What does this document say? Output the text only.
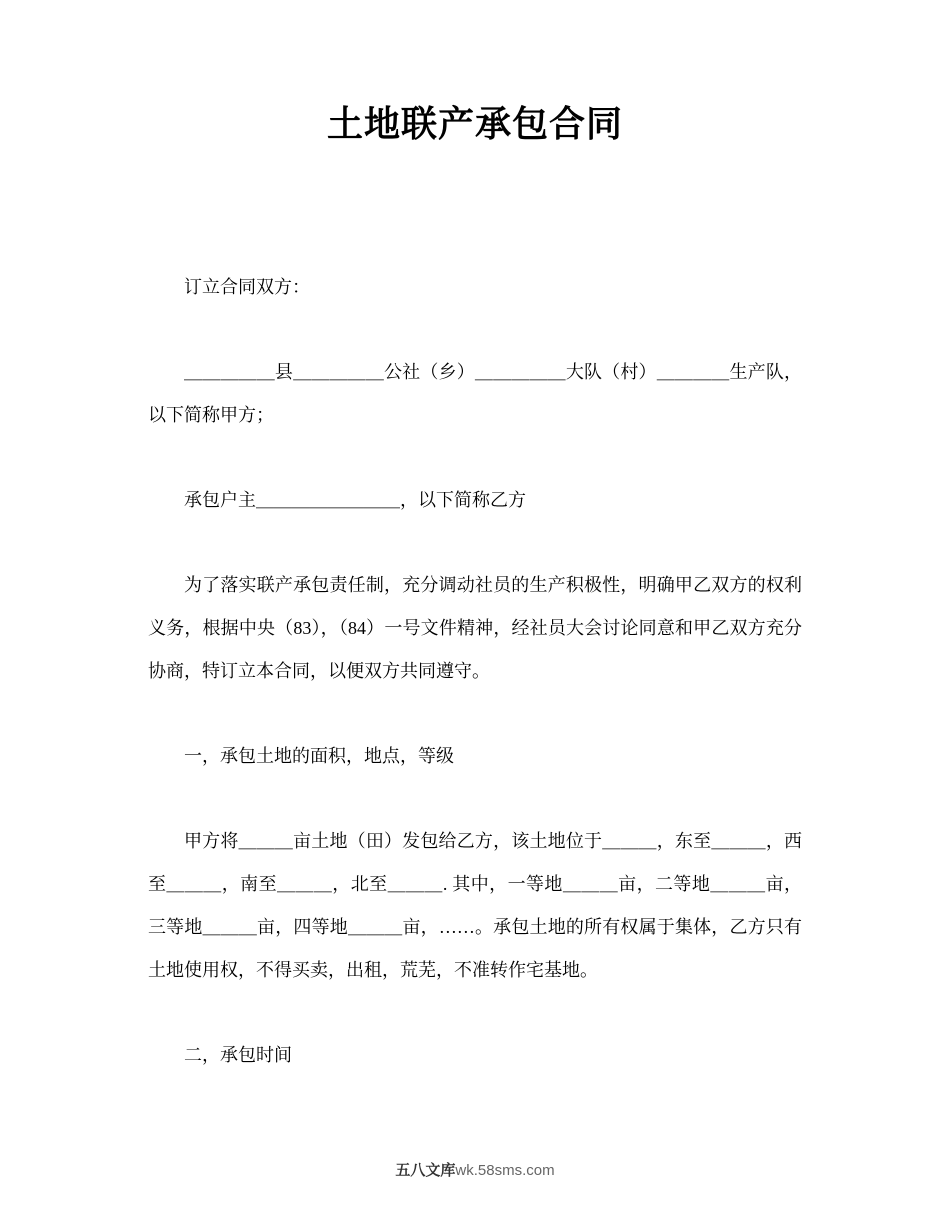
土地联产承包合同

订立合同双方：

＿＿＿＿＿县＿＿＿＿＿公社（乡）＿＿＿＿＿大队（村）＿＿＿＿生产队，以下简称甲方；

承包户主＿＿＿＿＿＿＿＿，以下简称乙方

为了落实联产承包责任制，充分调动社员的生产积极性，明确甲乙双方的权利义务，根据中央（83），（84）一号文件精神，经社员大会讨论同意和甲乙双方充分协商，特订立本合同，以便双方共同遵守。

一，承包土地的面积，地点，等级

甲方将＿＿＿亩土地（田）发包给乙方，该土地位于＿＿＿，东至＿＿＿，西至＿＿＿，南至＿＿＿，北至＿＿＿. 其中，一等地＿＿＿亩，二等地＿＿＿亩，三等地＿＿＿亩，四等地＿＿＿亩，……。承包土地的所有权属于集体，乙方只有土地使用权，不得买卖，出租，荒芜，不准转作宅基地。

二，承包时间

五八文库wk.58sms.com
